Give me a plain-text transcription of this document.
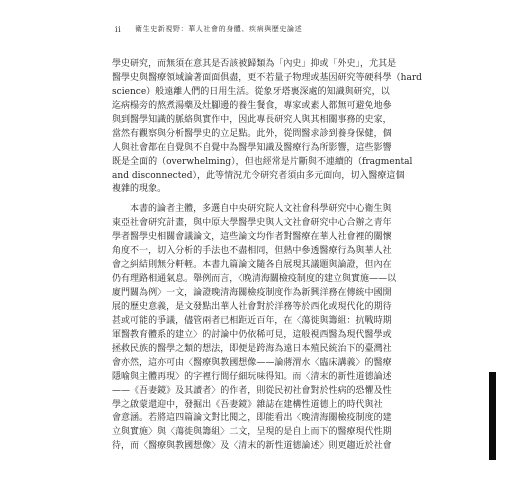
ii	衛生史新視野：華人社會的身體、疾病與歷史論述
學史研究，而無須在意其是否該被歸類為「內史」抑或「外史」，尤其是
醫學史與醫療領域論著面面俱盡，更不若量子物理或基因研究等硬科學（hard
science）般遠離人們的日用生活。從象牙塔裏深處的知識與研究，以
迄病榻旁的熬煮湯藥及灶腳邊的養生餐食，專家或素人都無可避免地參
與到醫學知識的脈絡與實作中，因此專長研究人與其相關事務的史家，
當然有觀察與分析醫學史的立足點。此外，從問醫求診到養身保健，個
人與社會都在自覺與不自覺中為醫學知識及醫療行為所影響，這些影響
既是全面的（overwhelming），但也經常是片斷與不連續的（fragmental
and disconnected），此等情況尤令研究者須由多元面向，切入醫療這個
複雜的現象。
本書的論者主體，多選自中央研究院人文社會科學研究中心衛生與
東亞社會研究計畫，與中原大學醫學史與人文社會研究中心合辦之青年
學者醫學史相關會議論文，這些論文均作者對醫療在華人社會裡的關懷
角度不一，切入分析的手法也不盡相同，但熱中參透醫療行為與華人社
會之糾結則無分軒輊。本書九篇論文隨各自展現其議題與論證，但內在
仍有理路相通氣息。舉例而言，〈晚清海關檢疫制度的建立與實施——以
廈門關為例〉一文，論證晚清海關檢疫制度作為新興洋務在傳統中國開
展的歷史意義，是文發點出華人社會對於洋務等於西化或現代化的期待
甚或可能的爭議，儘管兩者已相距近百年，在〈蕩徙與籌組：抗戰時期
軍醫教育體系的建立〉的討論中仍依稀可見，這般視西醫為現代醫學或
拯救民族的醫學之類的想法，即便是跨海為遠日本殖民統治下的臺灣社
會亦然，這亦可由〈醫療與教國想像——論蔣渭水〈臨床講義〉的醫療
隱喻與主體再現〉的字裡行間仔細玩味得知。而〈清末的新性道德論述
——《吾妻鏡》及其讀者〉的作者，則從民初社會對於性病的恐懼及性
學之啟蒙還迎中，發掘出《吾妻鏡》雜誌在建構性道德上的時代與社
會意涵。若將這四篇論文對比閱之，即能看出〈晚清海關檢疫制度的建
立與實施〉與〈蕩徙與籌組〉二文，呈現的是自上而下的醫療現代性期
待，而〈醫療與教國想像〉及〈清末的新性道德論述〉則更趨近於社會
